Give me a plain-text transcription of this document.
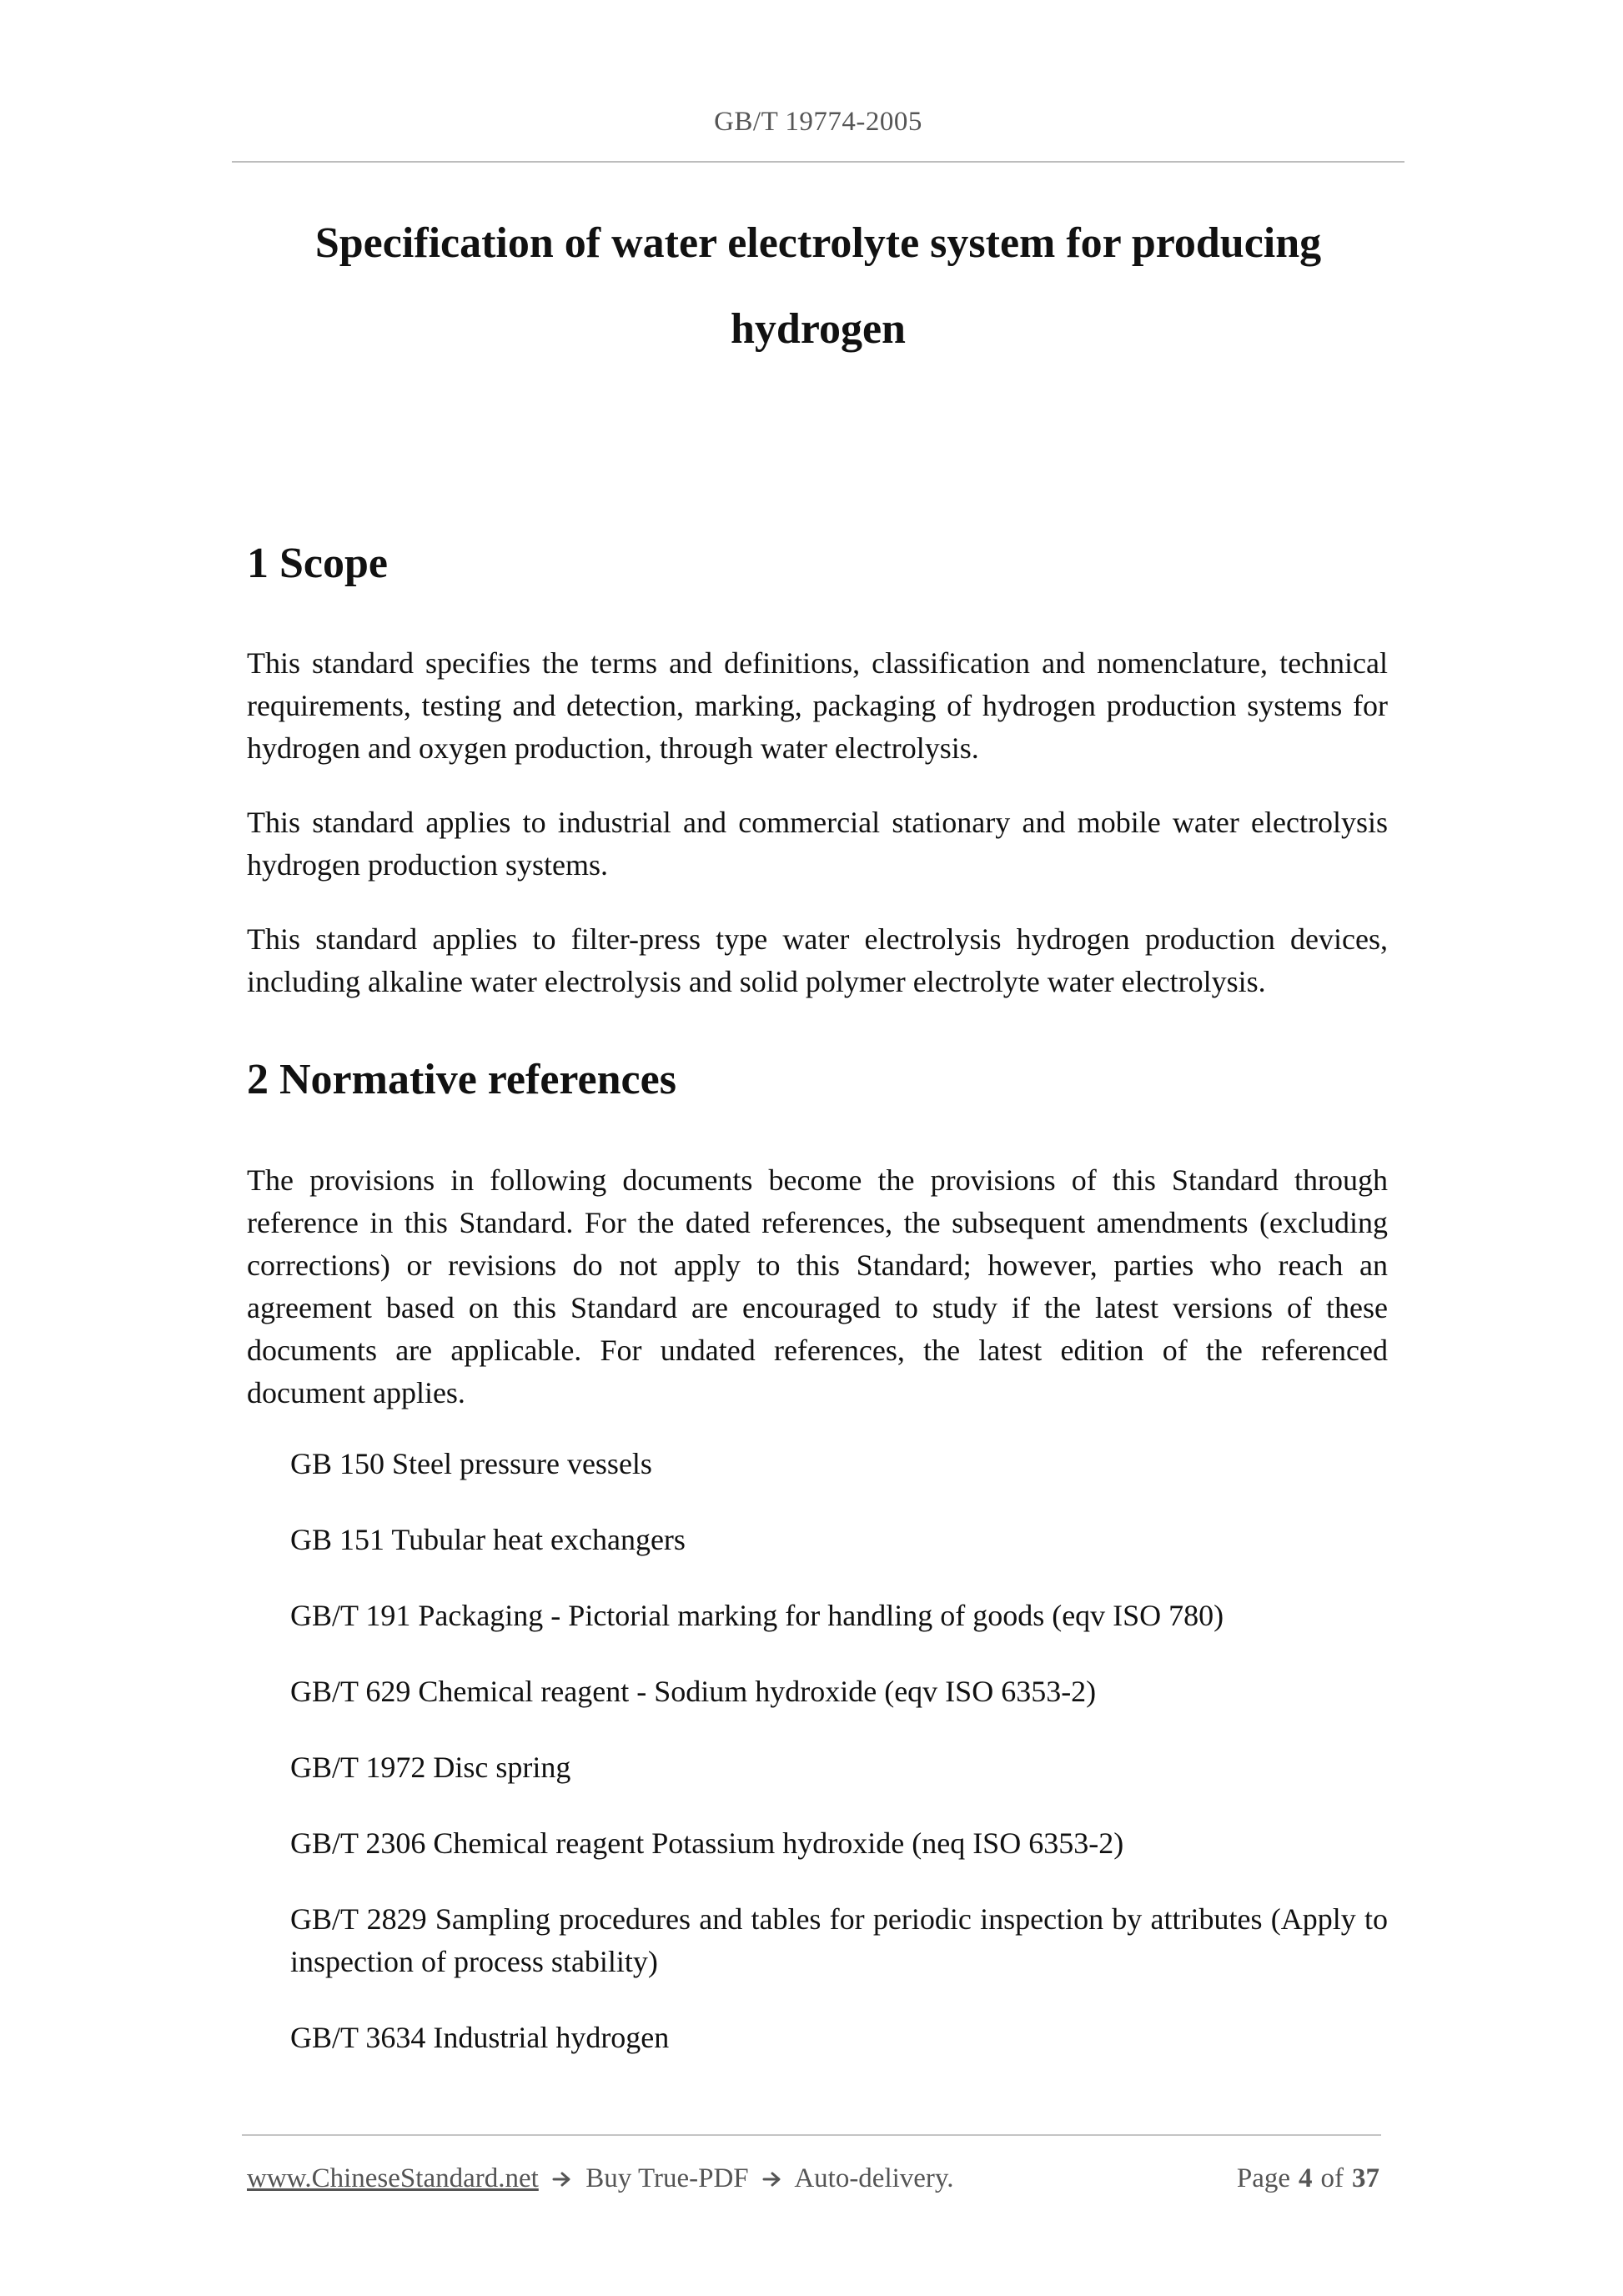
GB/T 19774-2005
Specification of water electrolyte system for producing hydrogen
1 Scope

This standard specifies the terms and definitions, classification and nomenclature, technical requirements, testing and detection, marking, packaging of hydrogen production systems for hydrogen and oxygen production, through water electrolysis.

This standard applies to industrial and commercial stationary and mobile water electrolysis hydrogen production systems.

This standard applies to filter-press type water electrolysis hydrogen production devices, including alkaline water electrolysis and solid polymer electrolyte water electrolysis.

2 Normative references

The provisions in following documents become the provisions of this Standard through reference in this Standard. For the dated references, the subsequent amendments (excluding corrections) or revisions do not apply to this Standard; however, parties who reach an agreement based on this Standard are encouraged to study if the latest versions of these documents are applicable. For undated references, the latest edition of the referenced document applies.

GB 150 Steel pressure vessels
GB 151 Tubular heat exchangers
GB/T 191 Packaging - Pictorial marking for handling of goods (eqv ISO 780)
GB/T 629 Chemical reagent - Sodium hydroxide (eqv ISO 6353-2)
GB/T 1972 Disc spring
GB/T 2306 Chemical reagent Potassium hydroxide (neq ISO 6353-2)
GB/T 2829 Sampling procedures and tables for periodic inspection by attributes (Apply to inspection of process stability)
GB/T 3634 Industrial hydrogen
www.ChineseStandard.net Buy True-PDF Auto-delivery.	Page 4 of 37
